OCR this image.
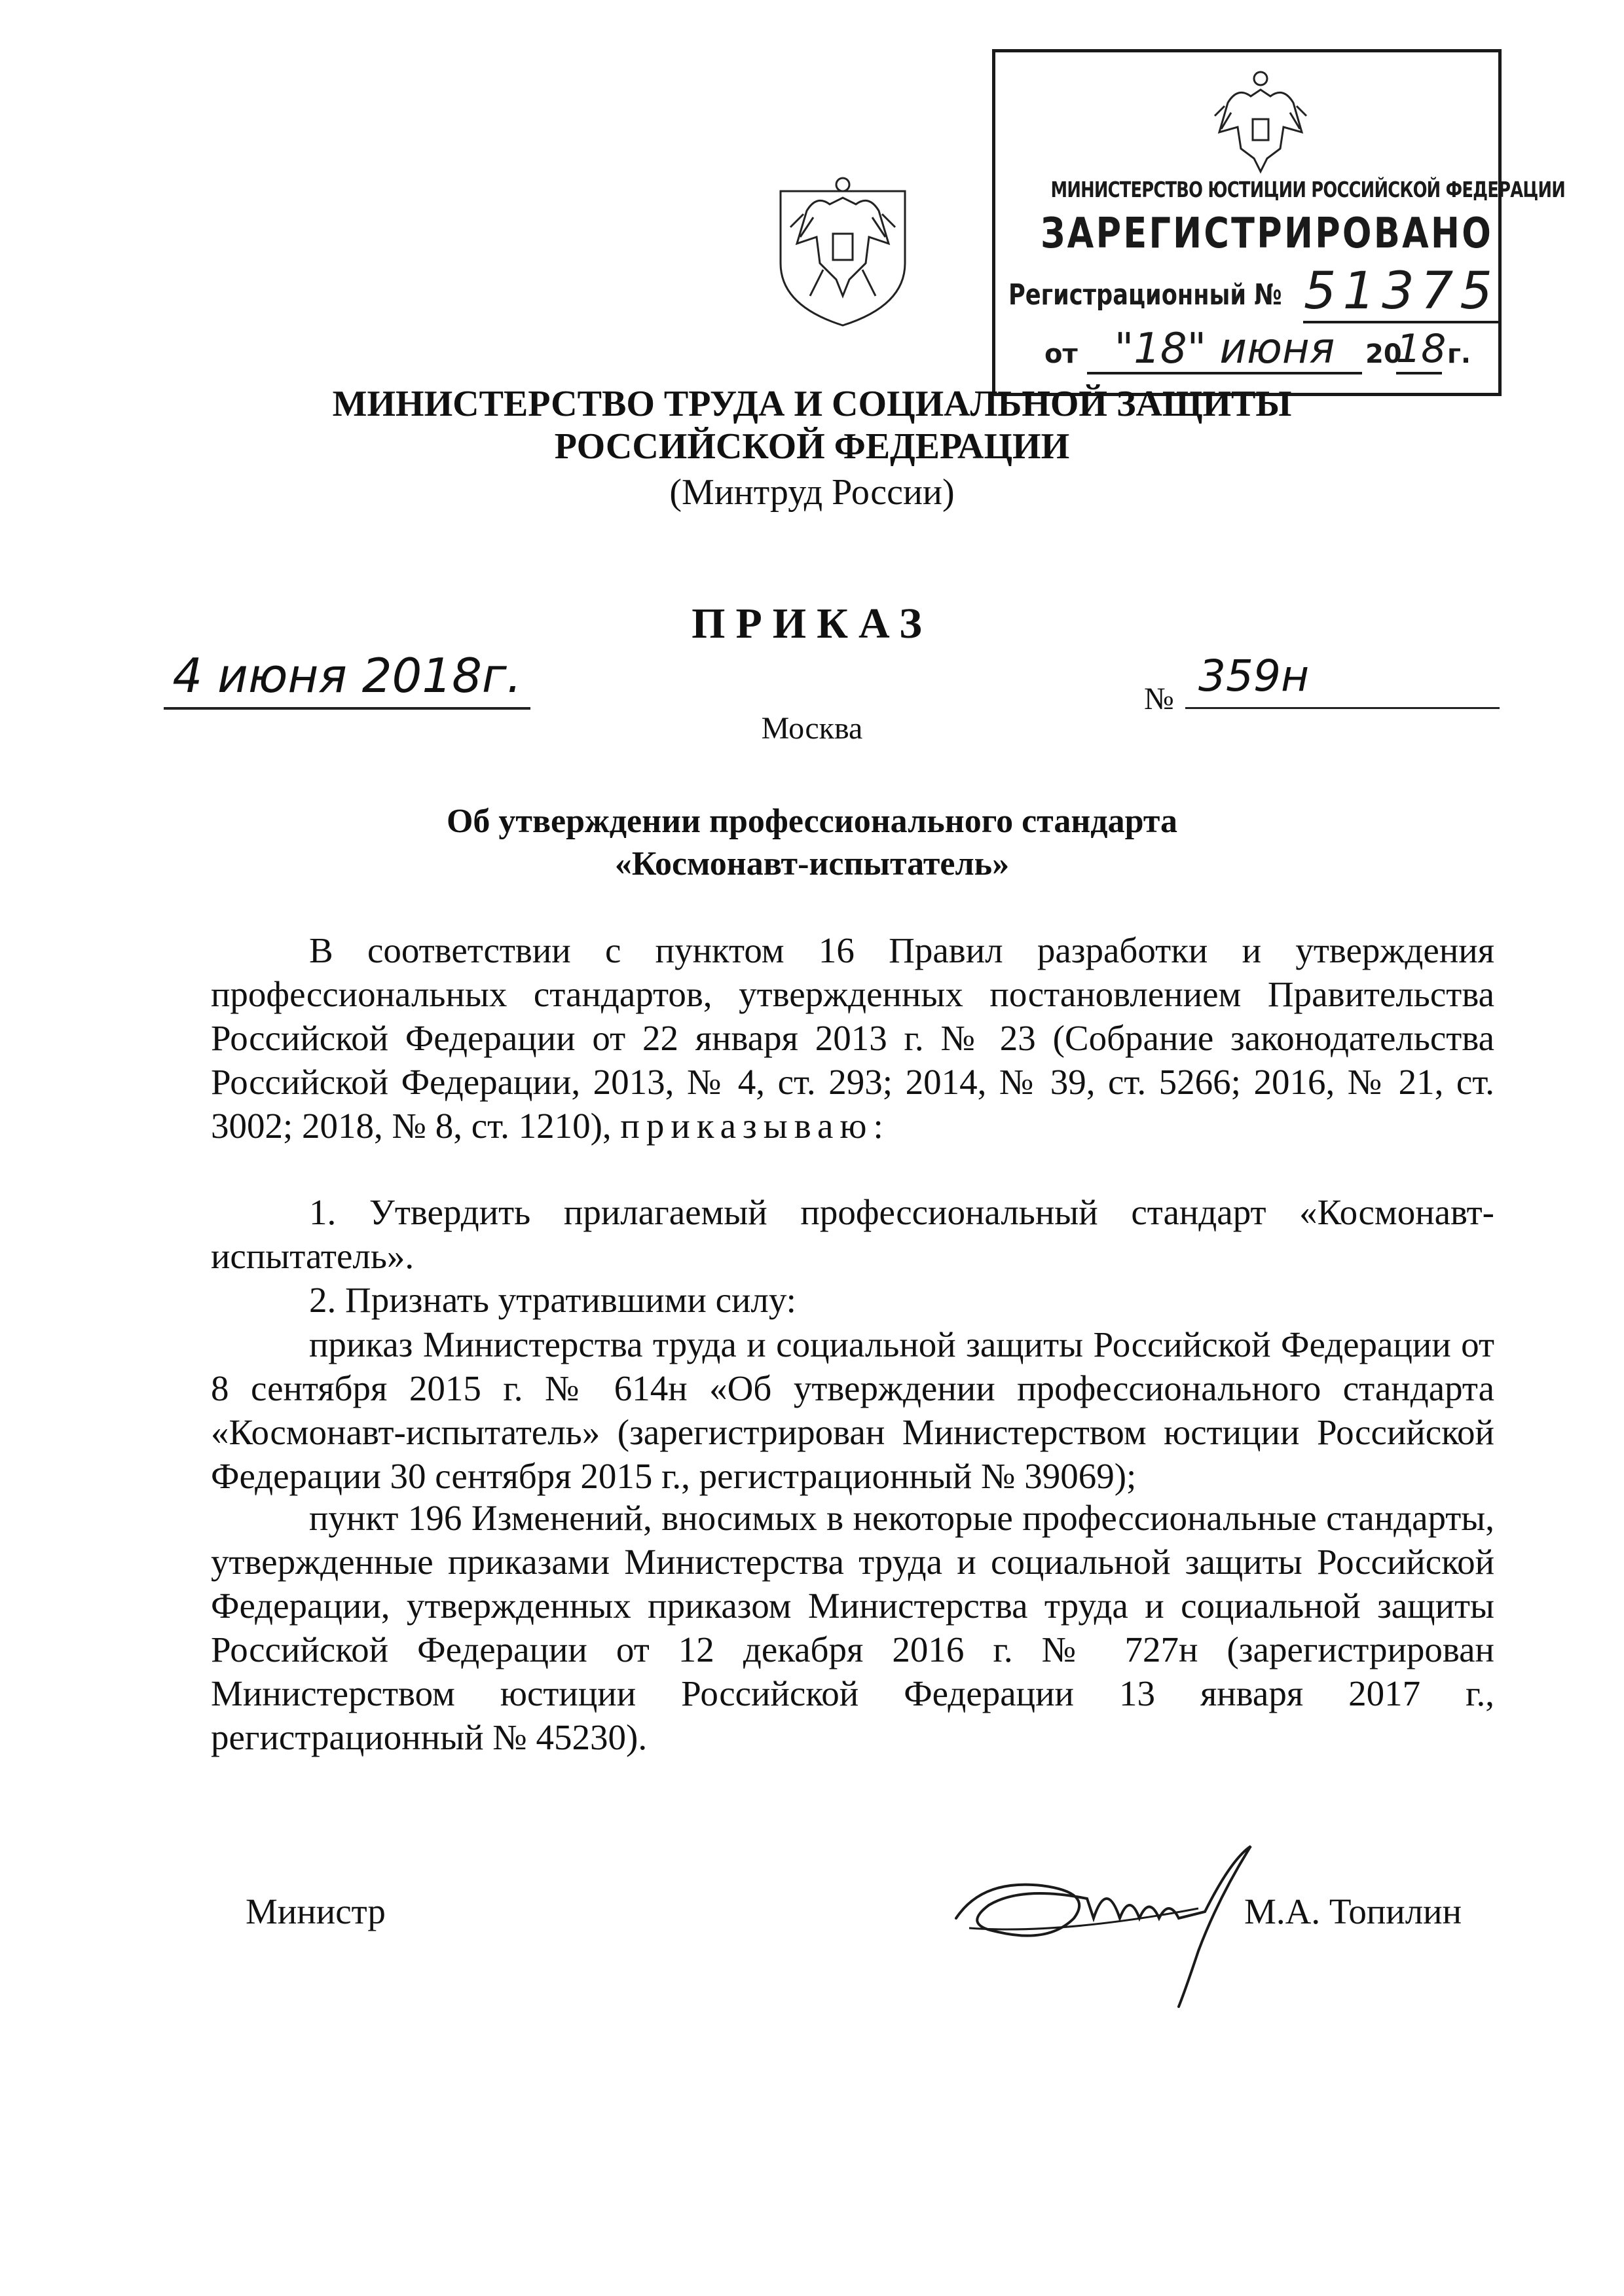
МИНИСТЕРСТВО ЮСТИЦИИ РОССИЙСКОЙ ФЕДЕРАЦИИ
ЗАРЕГИСТРИРОВАНО
Регистрационный № 51375
от "18" июня	20
18 г.
МИНИСТЕРСТВО ТРУДА И СОЦИАЛЬНОЙ ЗАЩИТЫ
РОССИЙСКОЙ ФЕДЕРАЦИИ
(Минтруд России)
ПРИКАЗ
4 июня 2018г.	№ 359н
Москва
Об утверждении профессионального стандарта
«Космонавт-испытатель»
В соответствии с пунктом 16 Правил разработки и утверждения профессиональных стандартов, утвержденных постановлением Правительства Российской Федерации от 22 января 2013 г. № 23 (Собрание законодательства Российской Федерации, 2013, № 4, ст. 293; 2014, № 39, ст. 5266; 2016, № 21, ст. 3002; 2018, № 8, ст. 1210), приказываю:
1. Утвердить прилагаемый профессиональный стандарт «Космонавт-испытатель».
2. Признать утратившими силу:
приказ Министерства труда и социальной защиты Российской Федерации от 8 сентября 2015 г. № 614н «Об утверждении профессионального стандарта «Космонавт-испытатель» (зарегистрирован Министерством юстиции Российской Федерации 30 сентября 2015 г., регистрационный № 39069);
пункт 196 Изменений, вносимых в некоторые профессиональные стандарты, утвержденные приказами Министерства труда и социальной защиты Российской Федерации, утвержденных приказом Министерства труда и социальной защиты Российской Федерации от 12 декабря 2016 г. № 727н (зарегистрирован Министерством юстиции Российской Федерации 13 января 2017 г., регистрационный № 45230).
Министр	М.А. Топилин
